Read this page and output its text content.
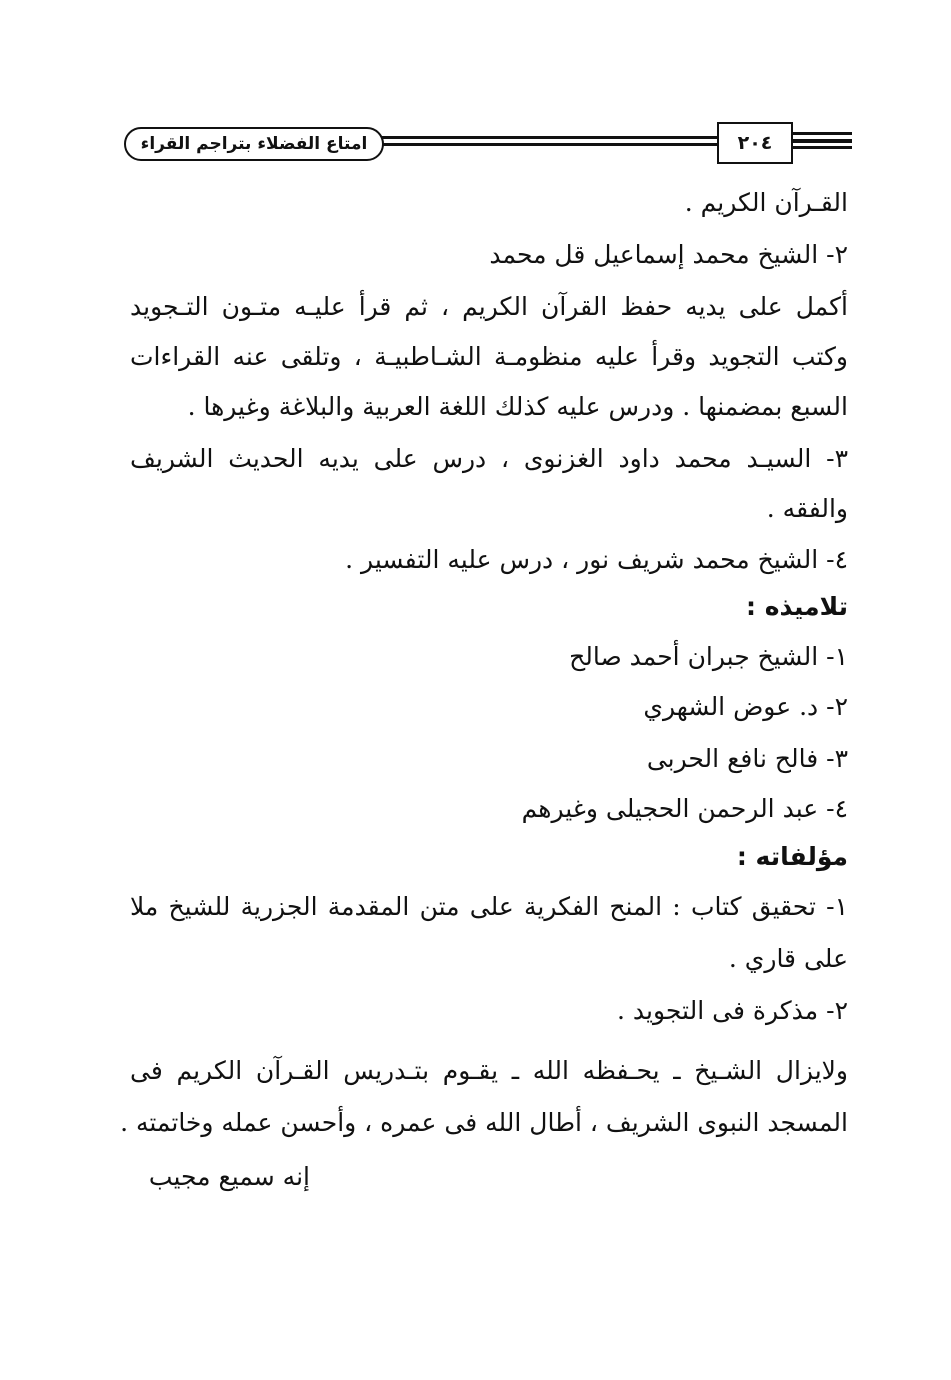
امتاع الفضلاء بتراجم القراء	٢٠٤
القـرآن الكريم .
٢- الشيخ محمد إسماعيل قل محمد
أكمل على يديه حفظ القرآن الكريم ، ثم قرأ عليـه متـون التـجويد
وكتب التجويد وقرأ عليه منظومـة الشـاطبيـة ، وتلقى عنه القراءات
السبع بمضمنها . ودرس عليه كذلك اللغة العربية والبلاغة وغيرها .
٣- السيـد محمد داود الغزنوى ، درس على يديه الحديث الشريف
والفقه .
٤- الشيخ محمد شريف نور ، درس عليه التفسير .
تلاميذه :
١- الشيخ جبران أحمد صالح
٢- د. عوض الشهري
٣- فالح نافع الحربى
٤- عبد الرحمن الحجيلى وغيرهم
مؤلفاته :
١- تحقيق كتاب : المنح الفكرية على متن المقدمة الجزرية للشيخ ملا
على قاري .
٢- مذكرة فى التجويد .
ولايزال الشـيخ ـ يحـفظه الله ـ يقـوم بتـدريس القـرآن الكريم فى
المسجد النبوى الشريف ، أطال الله فى عمره ، وأحسن عمله وخاتمته .
إنه سميع مجيب
